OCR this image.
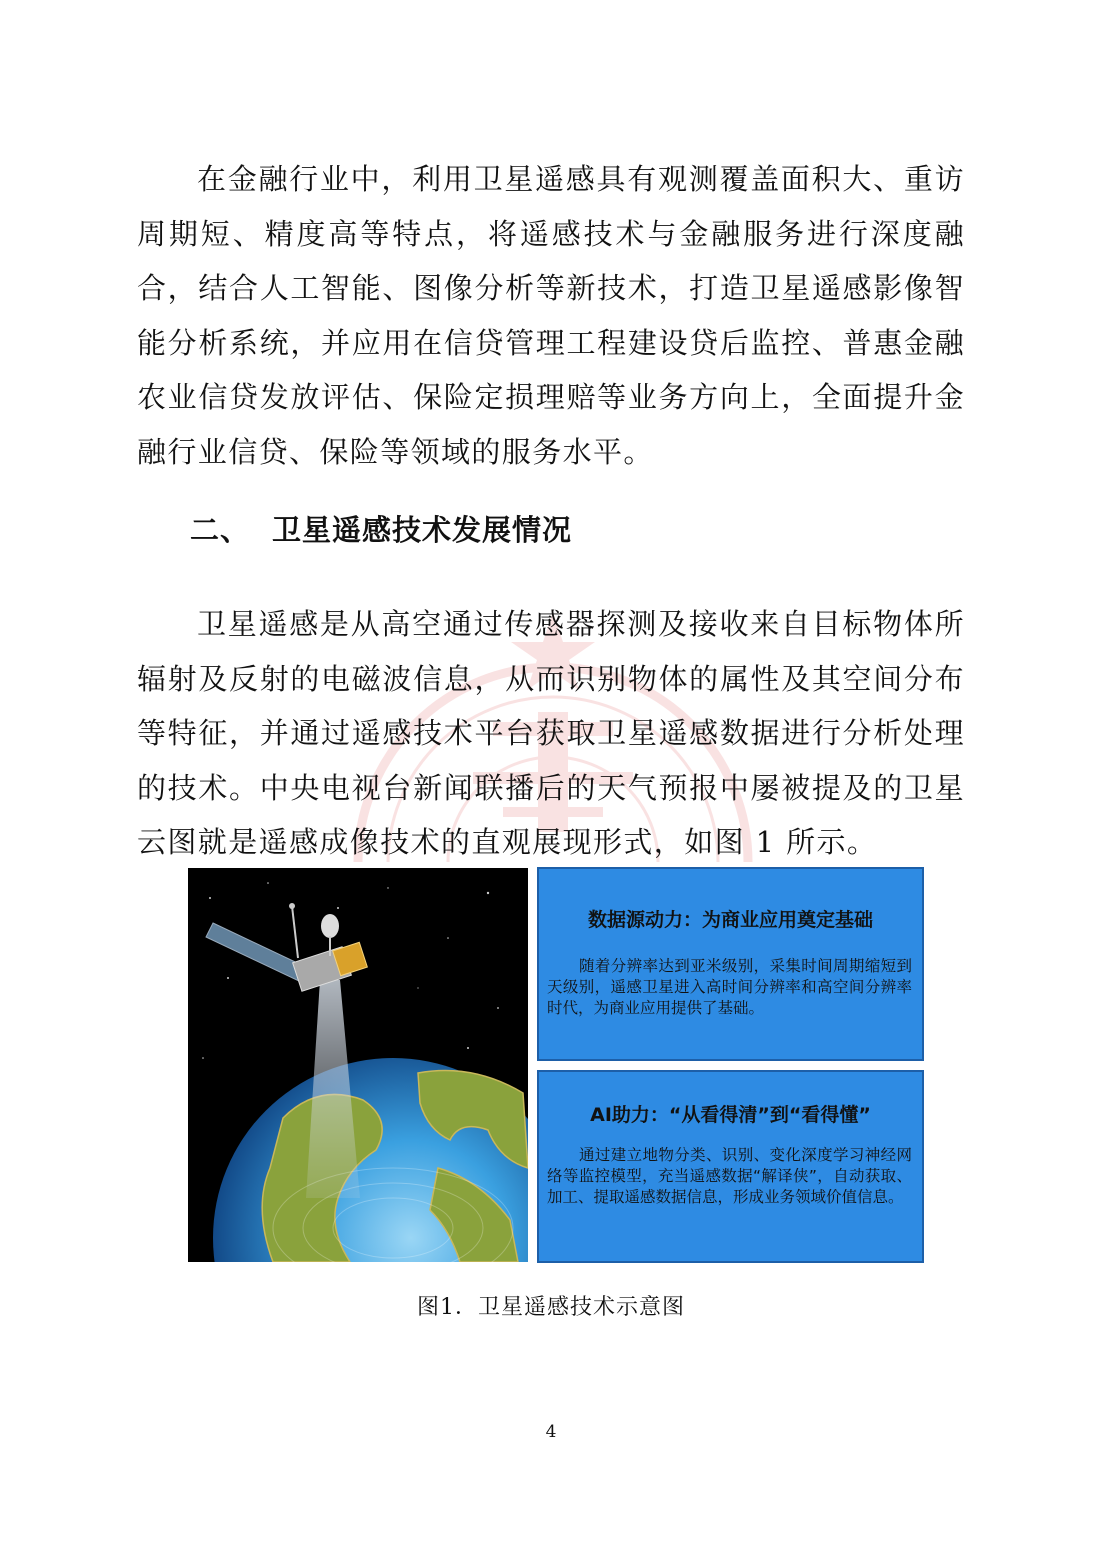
在金融行业中，利用卫星遥感具有观测覆盖面积大、重访周期短、精度高等特点，将遥感技术与金融服务进行深度融合，结合人工智能、图像分析等新技术，打造卫星遥感影像智能分析系统，并应用在信贷管理工程建设贷后监控、普惠金融农业信贷发放评估、保险定损理赔等业务方向上，全面提升金融行业信贷、保险等领域的服务水平。

二、 卫星遥感技术发展情况

卫星遥感是从高空通过传感器探测及接收来自目标物体所辐射及反射的电磁波信息，从而识别物体的属性及其空间分布等特征，并通过遥感技术平台获取卫星遥感数据进行分析处理的技术。中央电视台新闻联播后的天气预报中屡被提及的卫星云图就是遥感成像技术的直观展现形式，如图 1 所示。

数据源动力：为商业应用奠定基础

随着分辨率达到亚米级别，采集时间周期缩短到天级别，遥感卫星进入高时间分辨率和高空间分辨率时代，为商业应用提供了基础。

AI助力：“从看得清”到“看得懂”

通过建立地物分类、识别、变化深度学习神经网络等监控模型，充当遥感数据“解译侠”，自动获取、加工、提取遥感数据信息，形成业务领域价值信息。

图1．卫星遥感技术示意图

4
